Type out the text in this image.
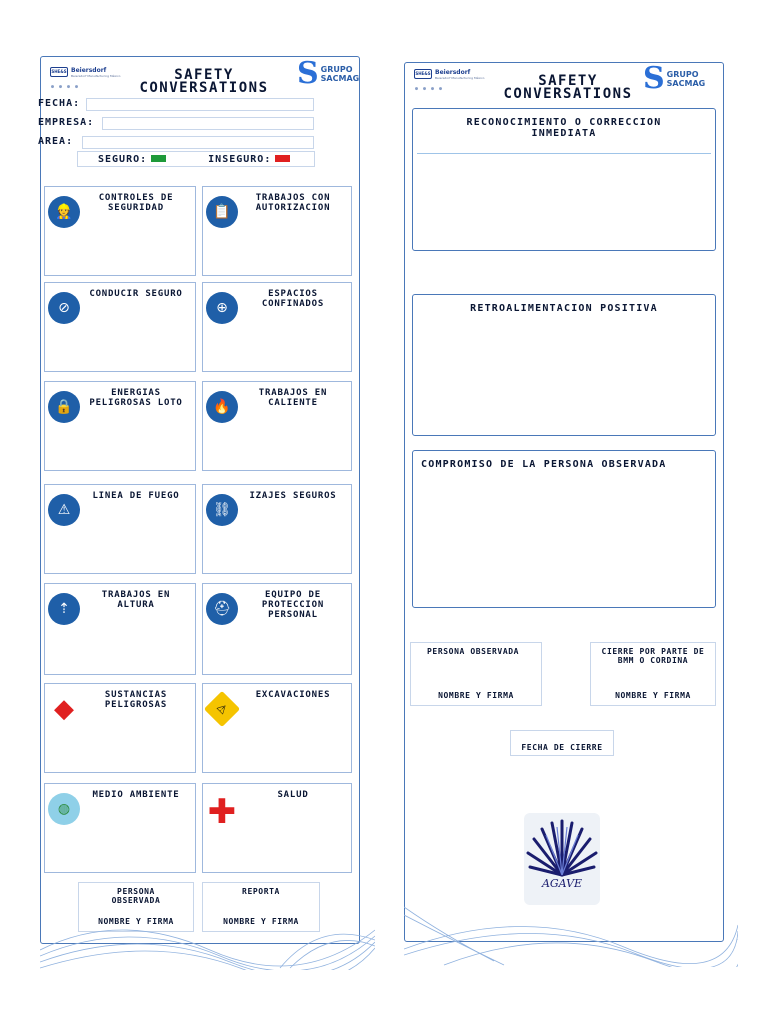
SHE&S Beiersdorf
Beiersdorf Manufacturing México
● ● ● ●
SAFETY
CONVERSATIONS S GRUPO
SACMAG
FECHA:
EMPRESA:
AREA:
SEGURO:	INSEGURO:
👷
CONTROLES DE SEGURIDAD	📋
TRABAJOS CON AUTORIZACION
⊘
CONDUCIR SEGURO
⊕
ESPACIOS CONFINADOS
🔒
ENERGIAS PELIGROSAS LOTO	🔥
TRABAJOS EN CALIENTE
⚠
LINEA DE FUEGO
⛓
IZAJES SEGUROS
⇡
TRABAJOS EN ALTURA	⛑
EQUIPO DE PROTECCION PERSONAL
◆	SUSTANCIAS PELIGROSAS	⚠
EXCAVACIONES
◍
MEDIO AMBIENTE ✚	SALUD
PERSONA OBSERVADA
NOMBRE Y FIRMA
REPORTA
NOMBRE Y FIRMA
SHE&S Beiersdorf
Beiersdorf Manufacturing México
● ● ● ●	SAFETY
CONVERSATIONS S GRUPO
SACMAG
RECONOCIMIENTO O CORRECCION INMEDIATA
RETROALIMENTACION POSITIVA
COMPROMISO DE LA PERSONA OBSERVADA
PERSONA OBSERVADA
NOMBRE Y FIRMA
CIERRE POR PARTE DE BMM O CORDINA
NOMBRE Y FIRMA
FECHA DE CIERRE
AGAVE
